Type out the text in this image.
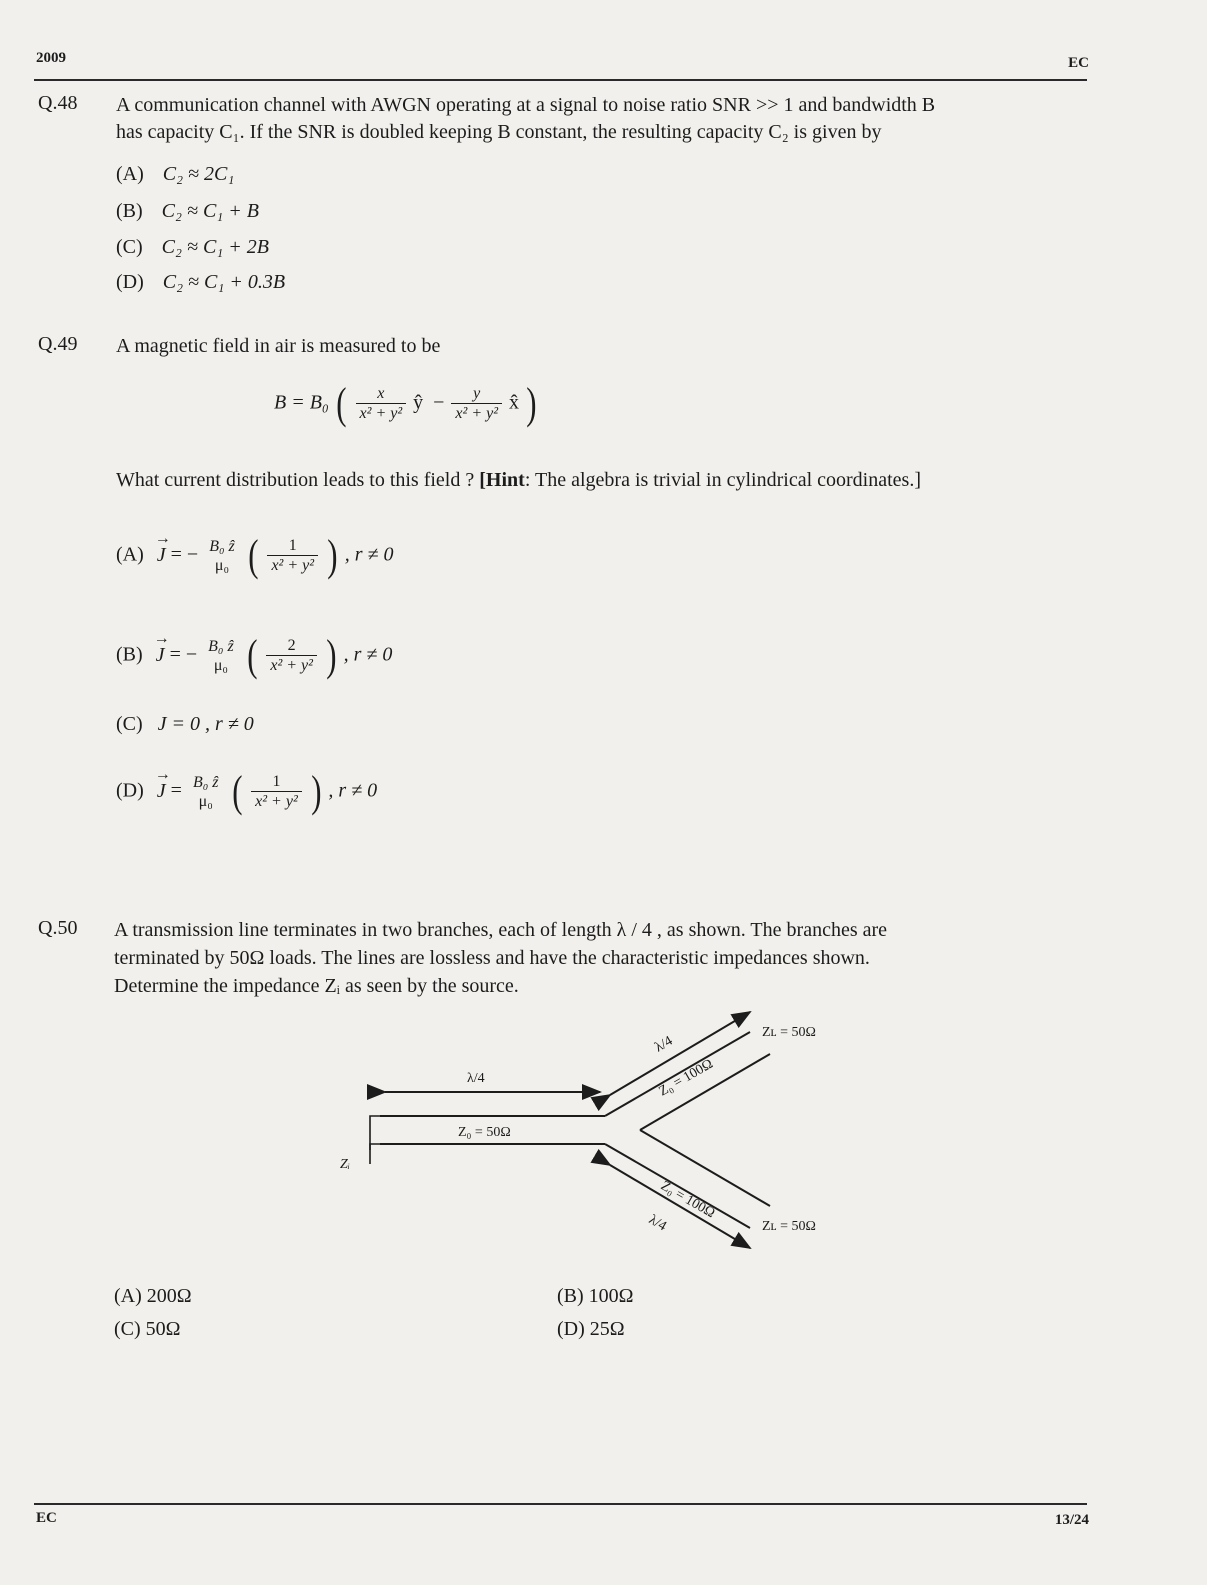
2009	EC
Q.48 A communication channel with AWGN operating at a signal to noise ratio SNR >> 1 and bandwidth B
has capacity C₁. If the SNR is doubled keeping B constant, the resulting capacity C₂ is given by
(A) C₂ ≈ 2C₁
(B) C₂ ≈ C₁ + B
(C) C₂ ≈ C₁ + 2B
(D) C₂ ≈ C₁ + 0.3B
Q.49 A magnetic field in air is measured to be
B = B₀ ( $\frac{x}{\text{x² + y²}}$ ŷ  − $\frac{y}{\text{x² + y²}}$ x̂ )
What current distribution leads to this field ? [Hint: The algebra is trivial in cylindrical coordinates.]
(A) → J = − B₀ ẑ
μ₀ ( $\frac{1}{\text{x² + y²}}$ ) , r ≠ 0
(B) → J = − B₀ ẑ
μ₀ ( $\frac{2}{\text{x² + y²}}$ ) , r ≠ 0
(C) J = 0 , r ≠ 0
(D) → J = B₀ ẑ
μ₀ ( $\frac{1}{\text{x² + y²}}$ ) , r ≠ 0
Q.50 A transmission line terminates in two branches, each of length λ / 4 , as shown. The branches are
terminated by 50Ω loads. The lines are lossless and have the characteristic impedances shown.
Determine the impedance Zᵢ as seen by the source.
λ/4
Z₀ = 50Ω
Zᵢ
λ/4
Z₀ = 100Ω
Zʟ = 50Ω
Z₀ = 100Ω
λ/4	Zʟ = 50Ω
(A) 200Ω	(B) 100Ω
(C) 50Ω	(D) 25Ω
EC	13/24
